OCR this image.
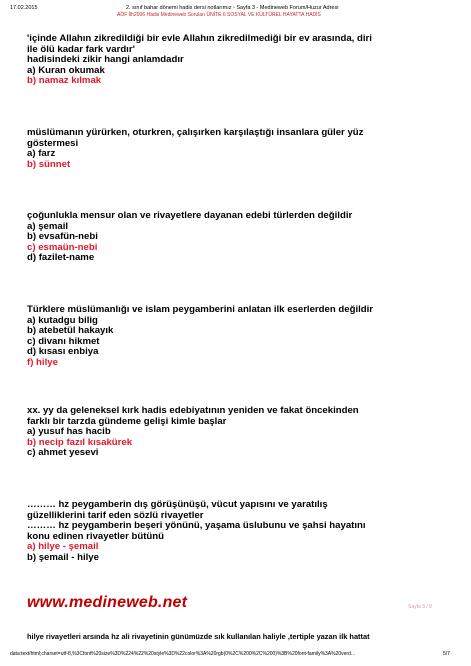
17.02.2015	2. sınıf bahar dönemi hadis dersi notlarımız - Sayfa 3 - Medineweb Forum/Huzur Adresi
AÖF İlh2006 Hadis Medineweb Soruları ÜNİTE 6 SOSYAL VE KÜLTÜREL HAYATTA HADİS
'içinde Allahın zikredildiği bir evle Allahın zikredilmediği bir ev arasında, diri
ile ölü kadar fark vardır'
hadisindeki zikir hangi anlamdadır
a) Kuran okumak
b) namaz kılmak
müslümanın yürürken, oturkren, çalışırken karşılaştığı insanlara güler yüz
göstermesi
a) farz
b) sünnet
çoğunlukla mensur olan ve rivayetlere dayanan edebi türlerden değildir
a) şemail
b) evsafün-nebi
c) esmaün-nebi
d) fazilet-name
Türklere müslümanlığı ve islam peygamberini anlatan ilk eserlerden değildir
a) kutadgu bilig
b) atebetül hakayık
c) divanı hikmet
d) kısası enbiya
f) hilye
xx. yy da geleneksel kırk hadis edebiyatının yeniden ve fakat öncekinden
farklı bir tarzda gündeme gelişi kimle başlar
a) yusuf has hacib
b) necip fazıl kısakürek
c) ahmet yesevi
……… hz peygamberin dış görüşünüşü, vücut yapısını ve yaratılış
güzelliklerini tarif eden sözlü rivayetler
……… hz peygamberin beşeri yönünü, yaşama üslubunu ve şahsi hayatını
konu edinen rivayetler bütünü
a) hilye - şemail
b) şemail - hilye
www.medineweb.net	Sayfa 3 / 8
hilye rivayetleri arsında hz ali rivayetinin günümüzde sık kullanılan haliyle ,tertiple yazan ilk hattat
data:text/html;charset=utf-8,%3Cfont%20size%3D%224%22%20style%3D%22color%3A%20rgb(0%2C%200%2C%200)%3B%20font-family%3A%20verd…	5/7
